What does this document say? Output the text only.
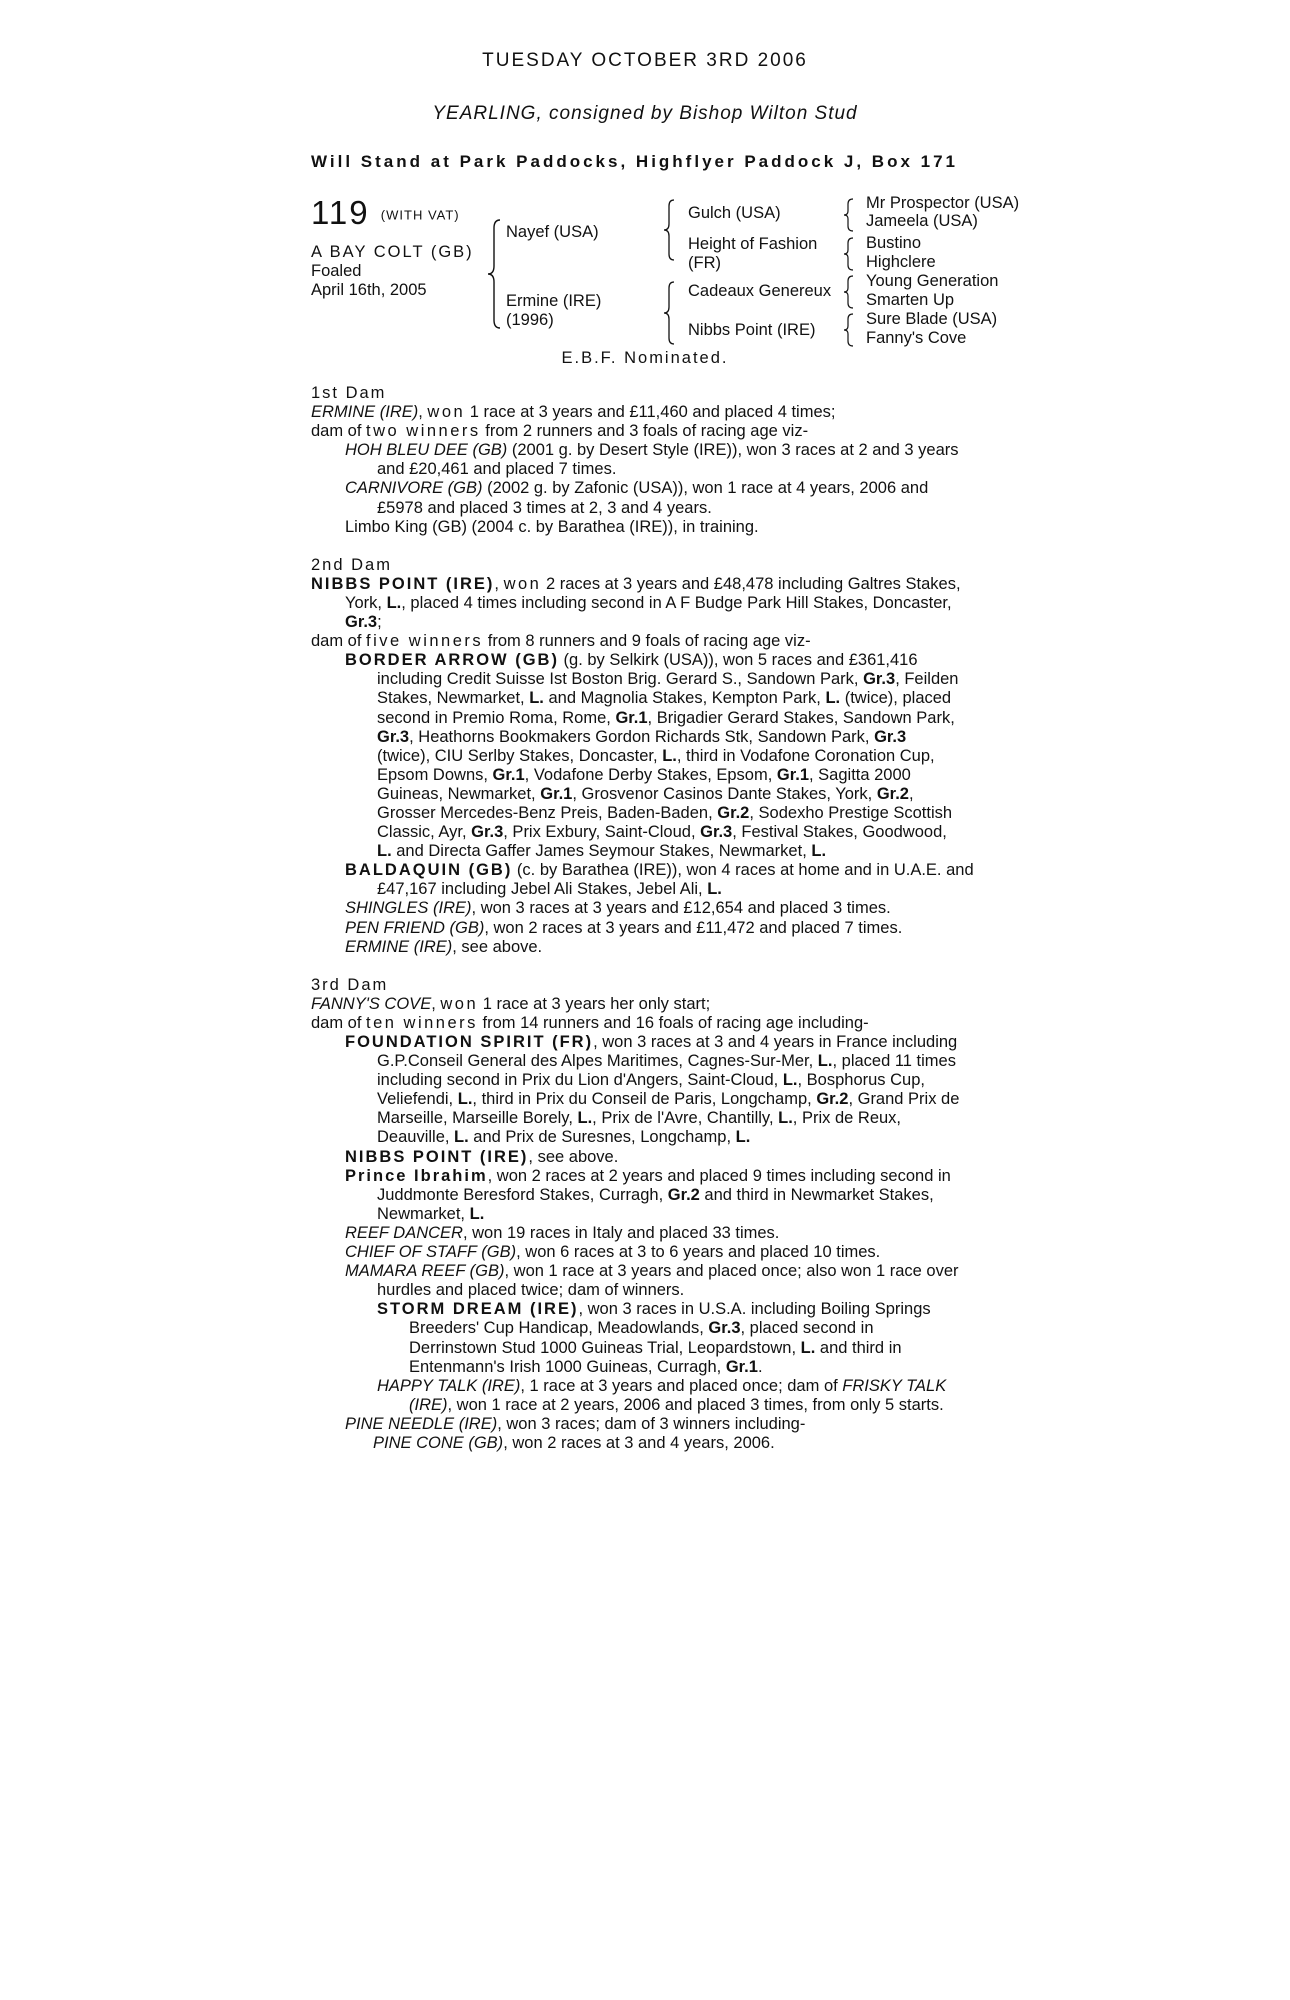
TUESDAY OCTOBER 3RD 2006
YEARLING, consigned by Bishop Wilton Stud
Will Stand at Park Paddocks, Highflyer Paddock J, Box 171
119 (WITH VAT)
A BAY COLT (GB)
Foaled
April 16th, 2005
Nayef (USA)
Ermine (IRE)
(1996)
Gulch (USA)
Height of Fashion
(FR)
Cadeaux Genereux
Nibbs Point (IRE)
Mr Prospector (USA)
Jameela (USA)
Bustino
Highclere
Young Generation
Smarten Up
Sure Blade (USA)
Fanny's Cove
E.B.F. Nominated.

1st Dam

ERMINE (IRE), won 1 race at 3 years and £11,460 and placed 4 times;

dam of two winners from 2 runners and 3 foals of racing age viz-

HOH BLEU DEE (GB) (2001 g. by Desert Style (IRE)), won 3 races at 2 and 3 years

and £20,461 and placed 7 times.

CARNIVORE (GB) (2002 g. by Zafonic (USA)), won 1 race at 4 years, 2006 and

£5978 and placed 3 times at 2, 3 and 4 years.

Limbo King (GB) (2004 c. by Barathea (IRE)), in training.

2nd Dam

NIBBS POINT (IRE), won 2 races at 3 years and £48,478 including Galtres Stakes,

York, L., placed 4 times including second in A F Budge Park Hill Stakes, Doncaster,

Gr.3;

dam of five winners from 8 runners and 9 foals of racing age viz-

BORDER ARROW (GB) (g. by Selkirk (USA)), won 5 races and £361,416

including Credit Suisse Ist Boston Brig. Gerard S., Sandown Park, Gr.3, Feilden

Stakes, Newmarket, L. and Magnolia Stakes, Kempton Park, L. (twice), placed

second in Premio Roma, Rome, Gr.1, Brigadier Gerard Stakes, Sandown Park,

Gr.3, Heathorns Bookmakers Gordon Richards Stk, Sandown Park, Gr.3

(twice), CIU Serlby Stakes, Doncaster, L., third in Vodafone Coronation Cup,

Epsom Downs, Gr.1, Vodafone Derby Stakes, Epsom, Gr.1, Sagitta 2000

Guineas, Newmarket, Gr.1, Grosvenor Casinos Dante Stakes, York, Gr.2,

Grosser Mercedes-Benz Preis, Baden-Baden, Gr.2, Sodexho Prestige Scottish

Classic, Ayr, Gr.3, Prix Exbury, Saint-Cloud, Gr.3, Festival Stakes, Goodwood,

L. and Directa Gaffer James Seymour Stakes, Newmarket, L.

BALDAQUIN (GB) (c. by Barathea (IRE)), won 4 races at home and in U.A.E. and

£47,167 including Jebel Ali Stakes, Jebel Ali, L.

SHINGLES (IRE), won 3 races at 3 years and £12,654 and placed 3 times.

PEN FRIEND (GB), won 2 races at 3 years and £11,472 and placed 7 times.

ERMINE (IRE), see above.

3rd Dam

FANNY'S COVE, won 1 race at 3 years her only start;

dam of ten winners from 14 runners and 16 foals of racing age including-

FOUNDATION SPIRIT (FR), won 3 races at 3 and 4 years in France including

G.P.Conseil General des Alpes Maritimes, Cagnes-Sur-Mer, L., placed 11 times

including second in Prix du Lion d'Angers, Saint-Cloud, L., Bosphorus Cup,

Veliefendi, L., third in Prix du Conseil de Paris, Longchamp, Gr.2, Grand Prix de

Marseille, Marseille Borely, L., Prix de l'Avre, Chantilly, L., Prix de Reux,

Deauville, L. and Prix de Suresnes, Longchamp, L.

NIBBS POINT (IRE), see above.

Prince Ibrahim, won 2 races at 2 years and placed 9 times including second in

Juddmonte Beresford Stakes, Curragh, Gr.2 and third in Newmarket Stakes,

Newmarket, L.

REEF DANCER, won 19 races in Italy and placed 33 times.

CHIEF OF STAFF (GB), won 6 races at 3 to 6 years and placed 10 times.

MAMARA REEF (GB), won 1 race at 3 years and placed once; also won 1 race over

hurdles and placed twice; dam of winners.

STORM DREAM (IRE), won 3 races in U.S.A. including Boiling Springs

Breeders' Cup Handicap, Meadowlands, Gr.3, placed second in

Derrinstown Stud 1000 Guineas Trial, Leopardstown, L. and third in

Entenmann's Irish 1000 Guineas, Curragh, Gr.1.

HAPPY TALK (IRE), 1 race at 3 years and placed once; dam of FRISKY TALK

(IRE), won 1 race at 2 years, 2006 and placed 3 times, from only 5 starts.

PINE NEEDLE (IRE), won 3 races; dam of 3 winners including-

PINE CONE (GB), won 2 races at 3 and 4 years, 2006.
